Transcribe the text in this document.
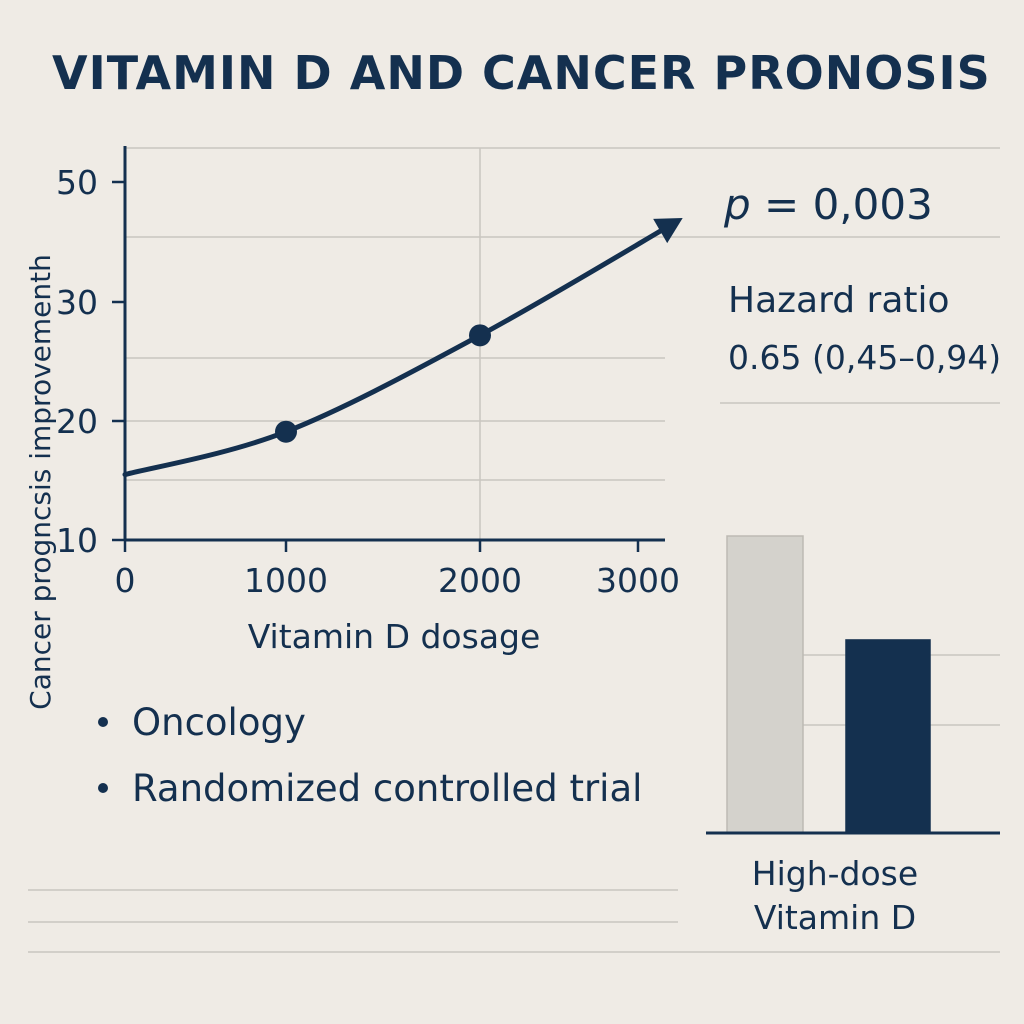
10
20
30
50
0	1000	2000 3000
Vitamin D dosage
Cancer progncsis improvementh
VITAMIN D AND CANCER PRONOSIS
p = 0,003
Hazard ratio
0.65 (0,45–0,94)
Oncology
Randomized controlled trial
High-dose Vitamin D
